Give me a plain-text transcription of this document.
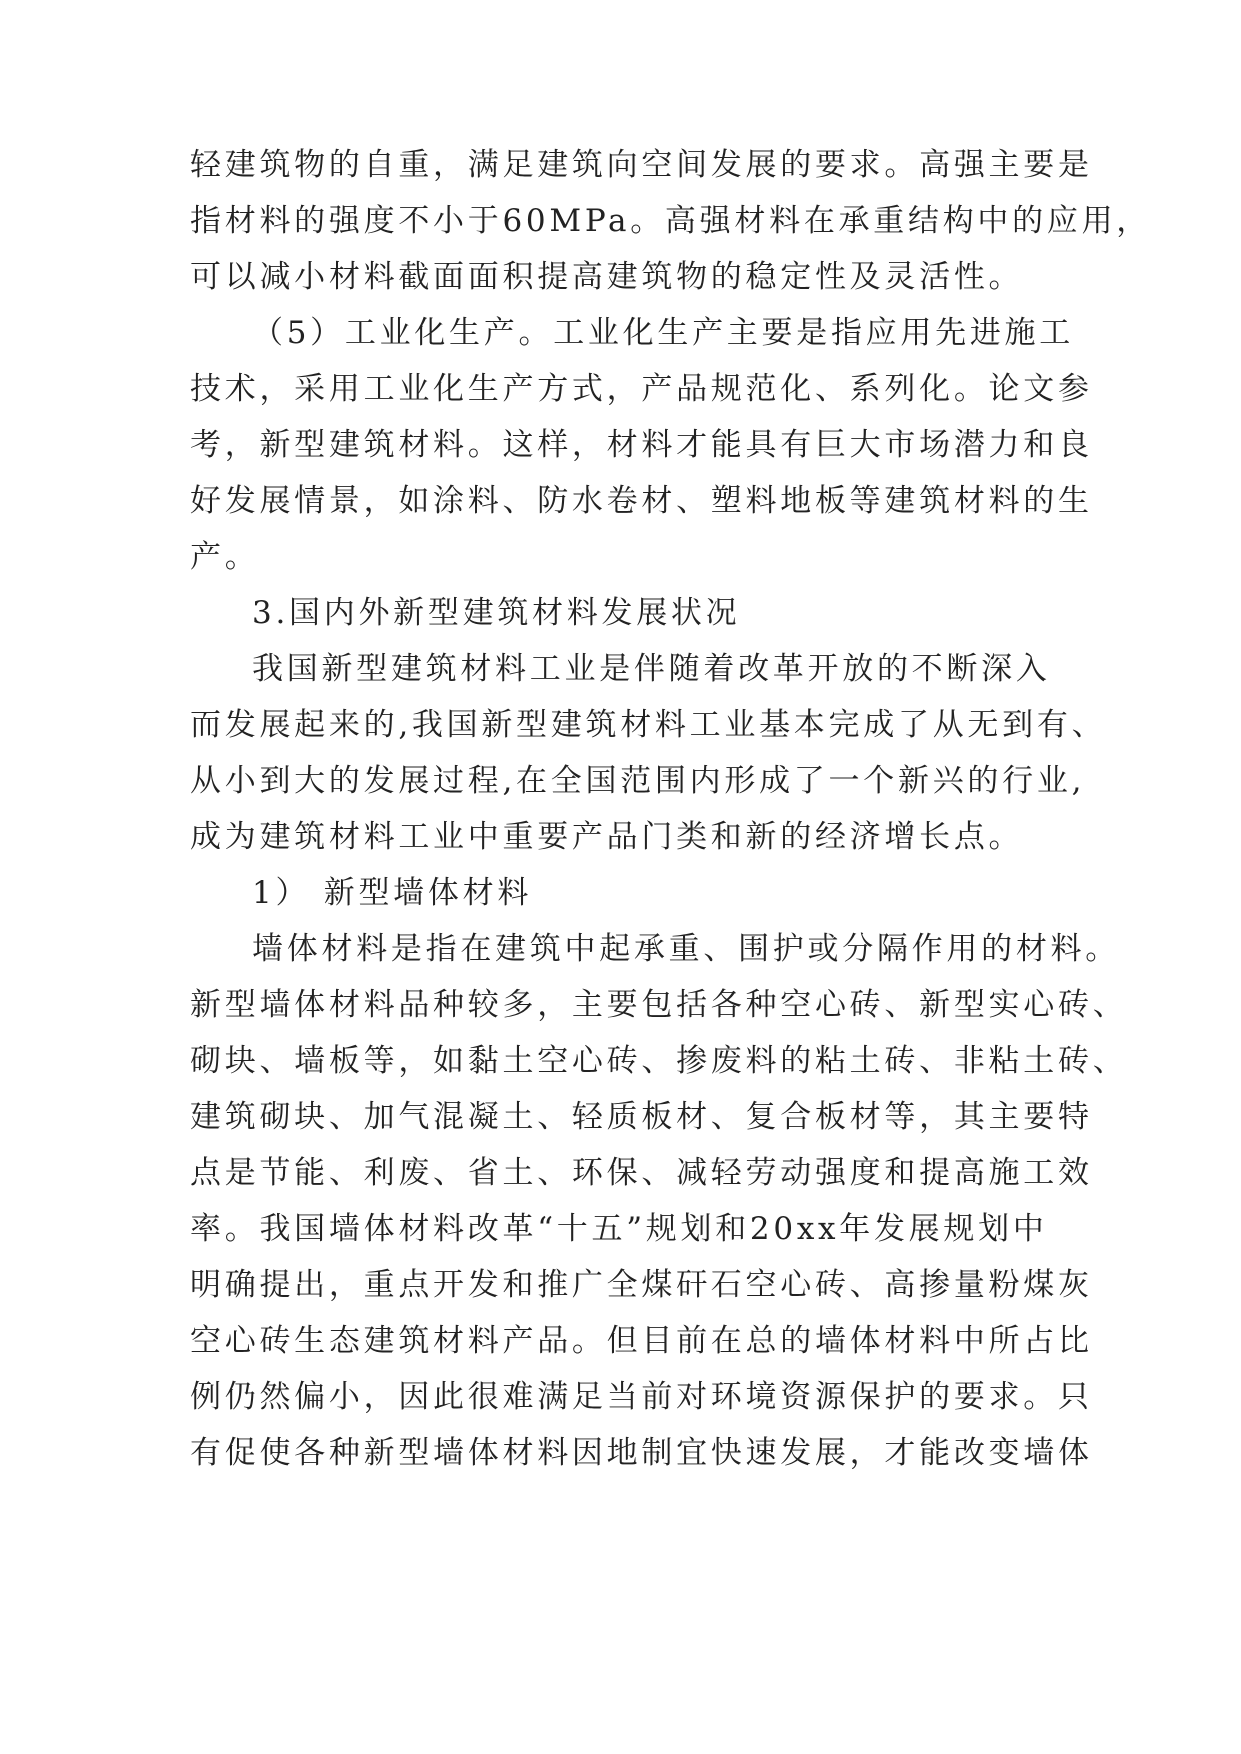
轻建筑物的自重，满足建筑向空间发展的要求。高强主要是
指材料的强度不小于60MPa。高强材料在承重结构中的应用，
可以减小材料截面面积提高建筑物的稳定性及灵活性。
（5）工业化生产。工业化生产主要是指应用先进施工
技术，采用工业化生产方式，产品规范化、系列化。论文参
考，新型建筑材料。这样，材料才能具有巨大市场潜力和良
好发展情景，如涂料、防水卷材、塑料地板等建筑材料的生
产。
3.国内外新型建筑材料发展状况
我国新型建筑材料工业是伴随着改革开放的不断深入
而发展起来的,我国新型建筑材料工业基本完成了从无到有、
从小到大的发展过程,在全国范围内形成了一个新兴的行业,
成为建筑材料工业中重要产品门类和新的经济增长点。
1） 新型墙体材料
墙体材料是指在建筑中起承重、围护或分隔作用的材料。
新型墙体材料品种较多，主要包括各种空心砖、新型实心砖、
砌块、墙板等，如黏土空心砖、掺废料的粘土砖、非粘土砖、
建筑砌块、加气混凝土、轻质板材、复合板材等，其主要特
点是节能、利废、省土、环保、减轻劳动强度和提高施工效
率。我国墙体材料改革“十五”规划和20xx年发展规划中
明确提出，重点开发和推广全煤矸石空心砖、高掺量粉煤灰
空心砖生态建筑材料产品。但目前在总的墙体材料中所占比
例仍然偏小，因此很难满足当前对环境资源保护的要求。只
有促使各种新型墙体材料因地制宜快速发展，才能改变墙体
